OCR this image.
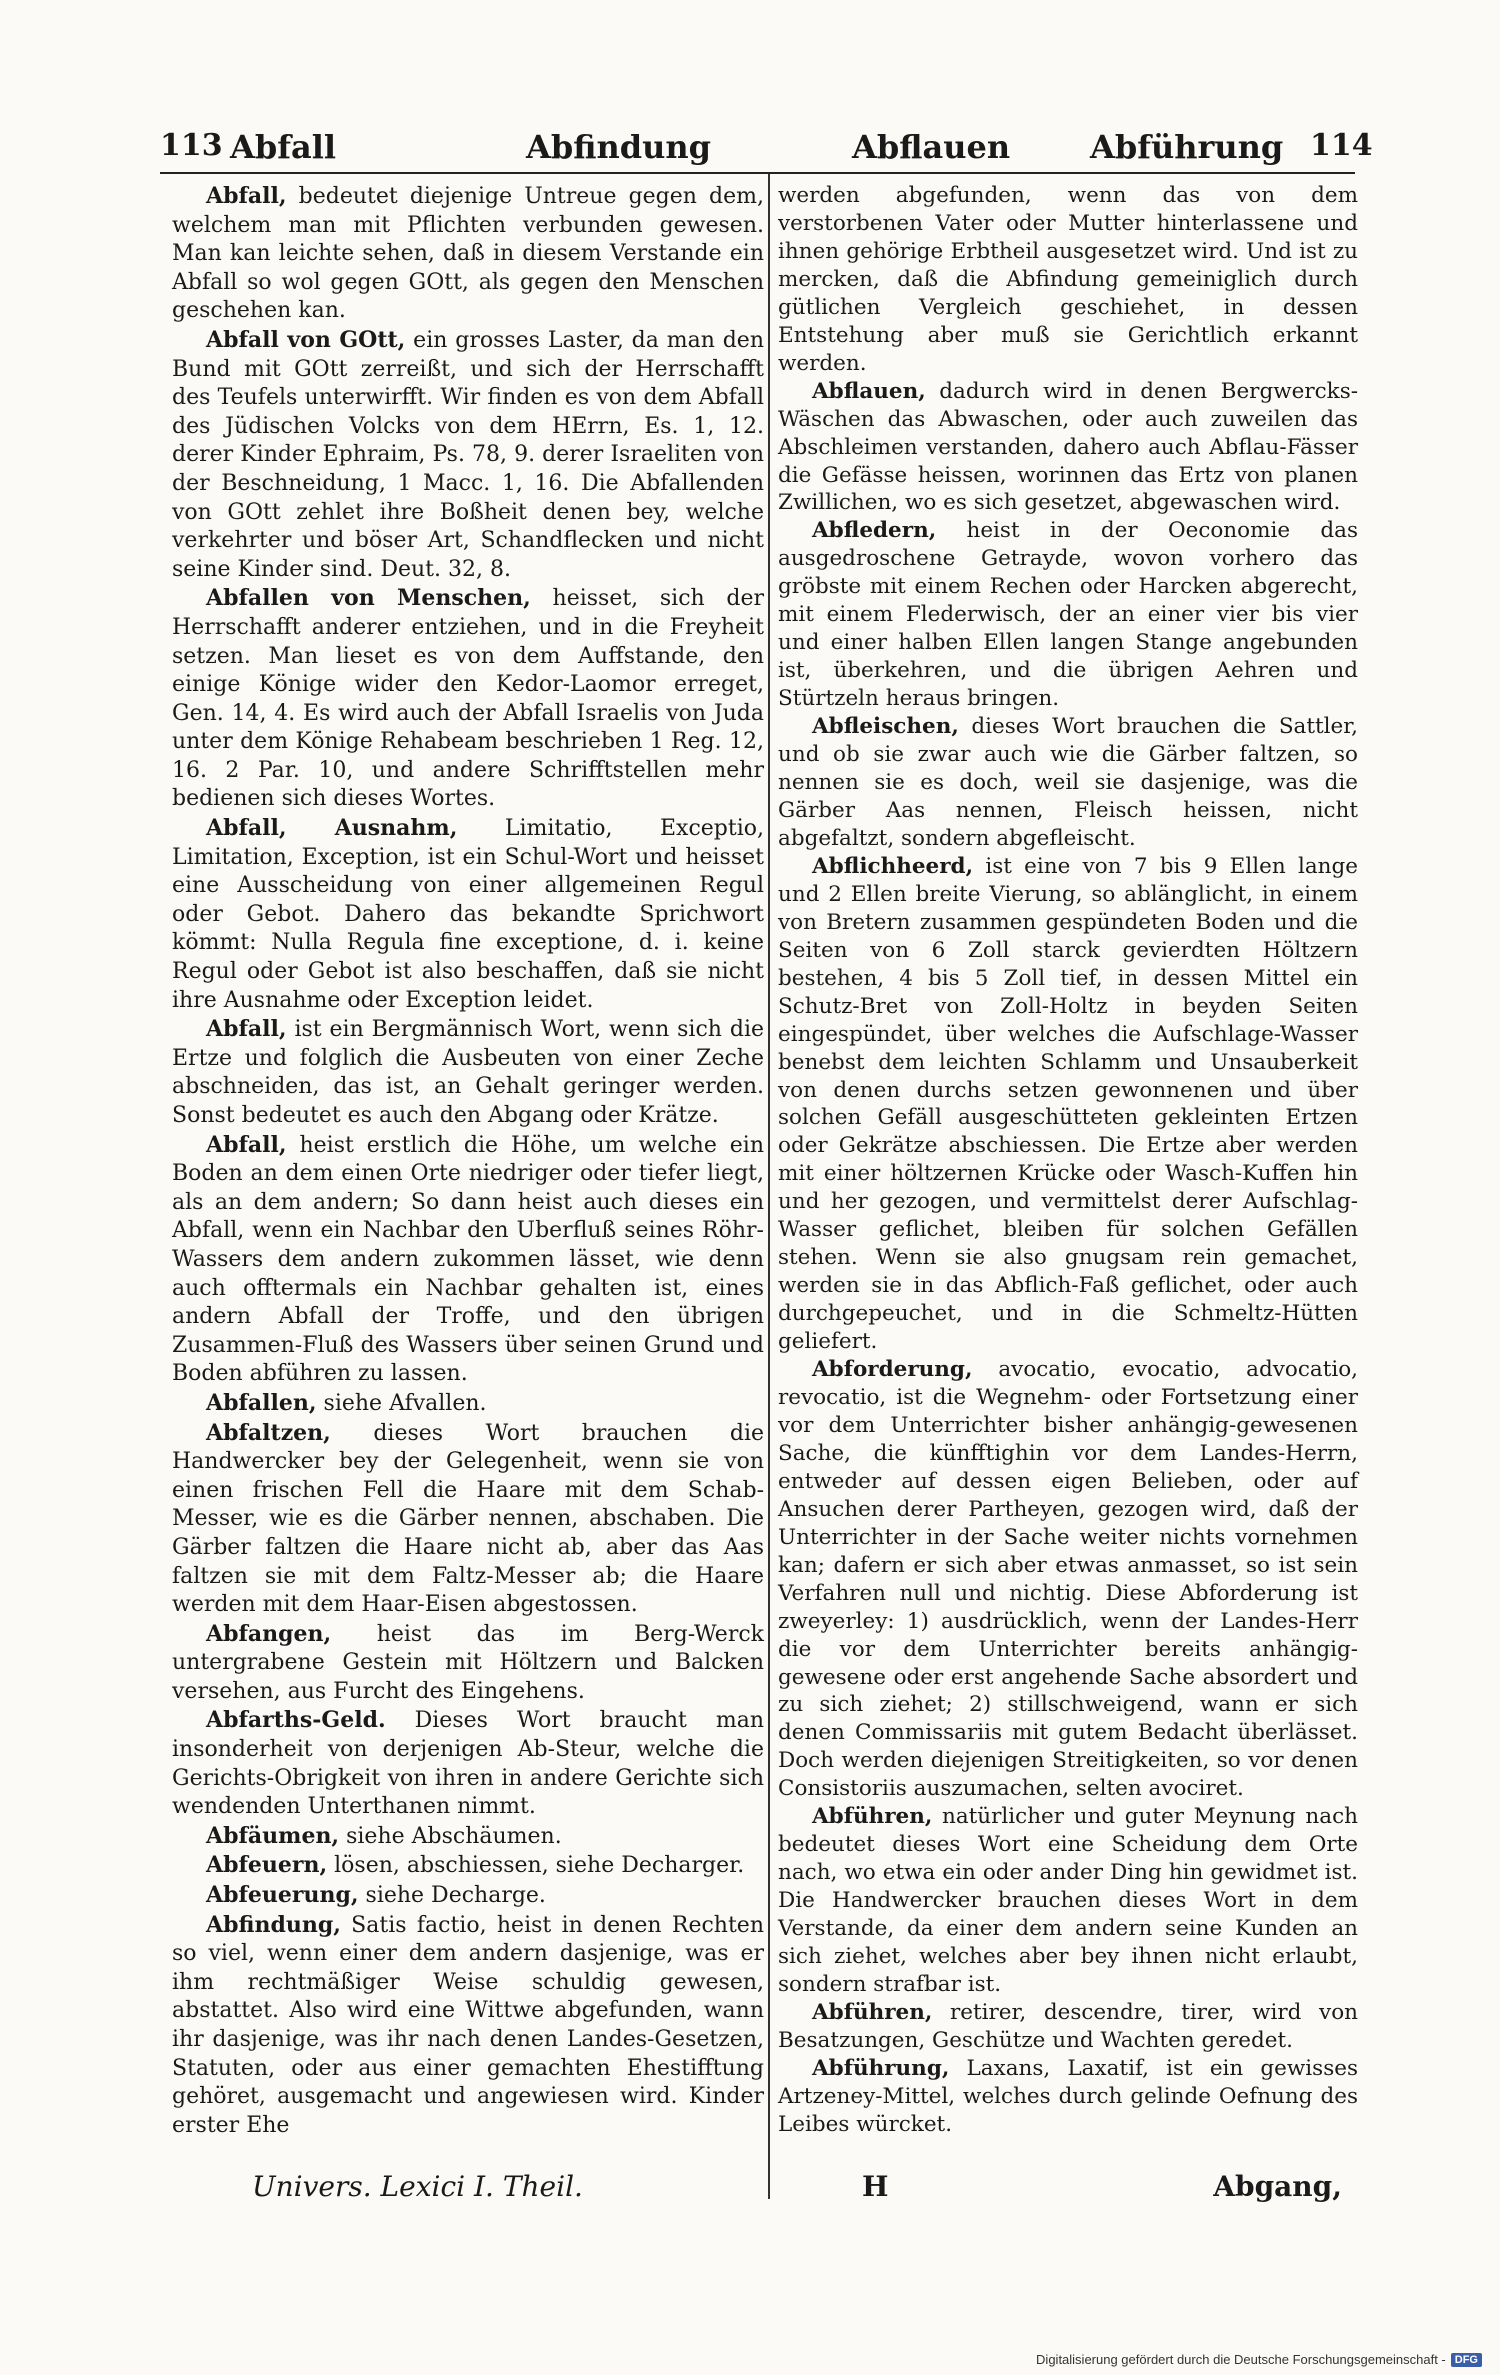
113 Abfall	Abfindung	Abflauen Abführung 114

Abfall, bedeutet diejenige Untreue gegen dem, welchem man mit Pflichten verbunden gewesen. Man kan leichte sehen, daß in diesem Verstande ein Abfall so wol gegen GOtt, als gegen den Menschen geschehen kan.

Abfall von GOtt, ein grosses Laster, da man den Bund mit GOtt zerreißt, und sich der Herrschafft des Teufels unterwirfft. Wir finden es von dem Abfall des Jüdischen Volcks von dem HErrn, Es. 1, 12. derer Kinder Ephraim, Ps. 78, 9. derer Israeliten von der Beschneidung, 1 Macc. 1, 16. Die Abfallenden von GOtt zehlet ihre Boßheit denen bey, welche verkehrter und böser Art, Schandflecken und nicht seine Kinder sind. Deut. 32, 8.

Abfallen von Menschen, heisset, sich der Herrschafft anderer entziehen, und in die Freyheit setzen. Man lieset es von dem Auffstande, den einige Könige wider den Kedor-Laomor erreget, Gen. 14, 4. Es wird auch der Abfall Israelis von Juda unter dem Könige Rehabeam beschrieben 1 Reg. 12, 16. 2 Par. 10, und andere Schrifftstellen mehr bedienen sich dieses Wortes.

Abfall, Ausnahm, Limitatio, Exceptio, Limitation, Exception, ist ein Schul-Wort und heisset eine Ausscheidung von einer allgemeinen Regul oder Gebot. Dahero das bekandte Sprichwort kömmt: Nulla Regula fine exceptione, d. i. keine Regul oder Gebot ist also beschaffen, daß sie nicht ihre Ausnahme oder Exception leidet.

Abfall, ist ein Bergmännisch Wort, wenn sich die Ertze und folglich die Ausbeuten von einer Zeche abschneiden, das ist, an Gehalt geringer werden. Sonst bedeutet es auch den Abgang oder Krätze.

Abfall, heist erstlich die Höhe, um welche ein Boden an dem einen Orte niedriger oder tiefer liegt, als an dem andern; So dann heist auch dieses ein Abfall, wenn ein Nachbar den Uberfluß seines Röhr-Wassers dem andern zukommen lässet, wie denn auch offtermals ein Nachbar gehalten ist, eines andern Abfall der Troffe, und den übrigen Zusammen-Fluß des Wassers über seinen Grund und Boden abführen zu lassen.

Abfallen, siehe Afvallen.

Abfaltzen, dieses Wort brauchen die Handwercker bey der Gelegenheit, wenn sie von einen frischen Fell die Haare mit dem Schab-Messer, wie es die Gärber nennen, abschaben. Die Gärber faltzen die Haare nicht ab, aber das Aas faltzen sie mit dem Faltz-Messer ab; die Haare werden mit dem Haar-Eisen abgestossen.

Abfangen, heist das im Berg-Werck untergrabene Gestein mit Höltzern und Balcken versehen, aus Furcht des Eingehens.

Abfarths-Geld. Dieses Wort braucht man insonderheit von derjenigen Ab-Steur, welche die Gerichts-Obrigkeit von ihren in andere Gerichte sich wendenden Unterthanen nimmt.

Abfäumen, siehe Abschäumen.

Abfeuern, lösen, abschiessen, siehe Decharger.

Abfeuerung, siehe Decharge.

Abfindung, Satis factio, heist in denen Rechten so viel, wenn einer dem andern dasjenige, was er ihm rechtmäßiger Weise schuldig gewesen, abstattet. Also wird eine Wittwe abgefunden, wann ihr dasjenige, was ihr nach denen Landes-Gesetzen, Statuten, oder aus einer gemachten Ehestifftung gehöret, ausgemacht und angewiesen wird. Kinder erster Ehe

werden abgefunden, wenn das von dem verstorbenen Vater oder Mutter hinterlassene und ihnen gehörige Erbtheil ausgesetzet wird. Und ist zu mercken, daß die Abfindung gemeiniglich durch gütlichen Vergleich geschiehet, in dessen Entstehung aber muß sie Gerichtlich erkannt werden.

Abflauen, dadurch wird in denen Bergwercks-Wäschen das Abwaschen, oder auch zuweilen das Abschleimen verstanden, dahero auch Abflau-Fässer die Gefässe heissen, worinnen das Ertz von planen Zwillichen, wo es sich gesetzet, abgewaschen wird.

Abfledern, heist in der Oeconomie das ausgedroschene Getrayde, wovon vorhero das gröbste mit einem Rechen oder Harcken abgerecht, mit einem Flederwisch, der an einer vier bis vier und einer halben Ellen langen Stange angebunden ist, überkehren, und die übrigen Aehren und Stürtzeln heraus bringen.

Abfleischen, dieses Wort brauchen die Sattler, und ob sie zwar auch wie die Gärber faltzen, so nennen sie es doch, weil sie dasjenige, was die Gärber Aas nennen, Fleisch heissen, nicht abgefaltzt, sondern abgefleischt.

Abflichheerd, ist eine von 7 bis 9 Ellen lange und 2 Ellen breite Vierung, so ablänglicht, in einem von Bretern zusammen gespündeten Boden und die Seiten von 6 Zoll starck gevierdten Höltzern bestehen, 4 bis 5 Zoll tief, in dessen Mittel ein Schutz-Bret von Zoll-Holtz in beyden Seiten eingespündet, über welches die Aufschlage-Wasser benebst dem leichten Schlamm und Unsauberkeit von denen durchs setzen gewonnenen und über solchen Gefäll ausgeschütteten gekleinten Ertzen oder Gekrätze abschiessen. Die Ertze aber werden mit einer höltzernen Krücke oder Wasch-Kuffen hin und her gezogen, und vermittelst derer Aufschlag-Wasser geflichet, bleiben für solchen Gefällen stehen. Wenn sie also gnugsam rein gemachet, werden sie in das Abflich-Faß geflichet, oder auch durchgepeuchet, und in die Schmeltz-Hütten geliefert.

Abforderung, avocatio, evocatio, advocatio, revocatio, ist die Wegnehm- oder Fortsetzung einer vor dem Unterrichter bisher anhängig-gewesenen Sache, die künfftighin vor dem Landes-Herrn, entweder auf dessen eigen Belieben, oder auf Ansuchen derer Partheyen, gezogen wird, daß der Unterrichter in der Sache weiter nichts vornehmen kan; dafern er sich aber etwas anmasset, so ist sein Verfahren null und nichtig. Diese Abforderung ist zweyerley: 1) ausdrücklich, wenn der Landes-Herr die vor dem Unterrichter bereits anhängig-gewesene oder erst angehende Sache absordert und zu sich ziehet; 2) stillschweigend, wann er sich denen Commissariis mit gutem Bedacht überlässet. Doch werden diejenigen Streitigkeiten, so vor denen Consistoriis auszumachen, selten avociret.

Abführen, natürlicher und guter Meynung nach bedeutet dieses Wort eine Scheidung dem Orte nach, wo etwa ein oder ander Ding hin gewidmet ist. Die Handwercker brauchen dieses Wort in dem Verstande, da einer dem andern seine Kunden an sich ziehet, welches aber bey ihnen nicht erlaubt, sondern strafbar ist.

Abführen, retirer, descendre, tirer, wird von Besatzungen, Geschütze und Wachten geredet.

Abführung, Laxans, Laxatif, ist ein gewisses Artzeney-Mittel, welches durch gelinde Oefnung des Leibes würcket.

Univers. Lexici I. Theil.	H	Abgang,
Digitalisierung gefördert durch die Deutsche Forschungsgemeinschaft - DFG
